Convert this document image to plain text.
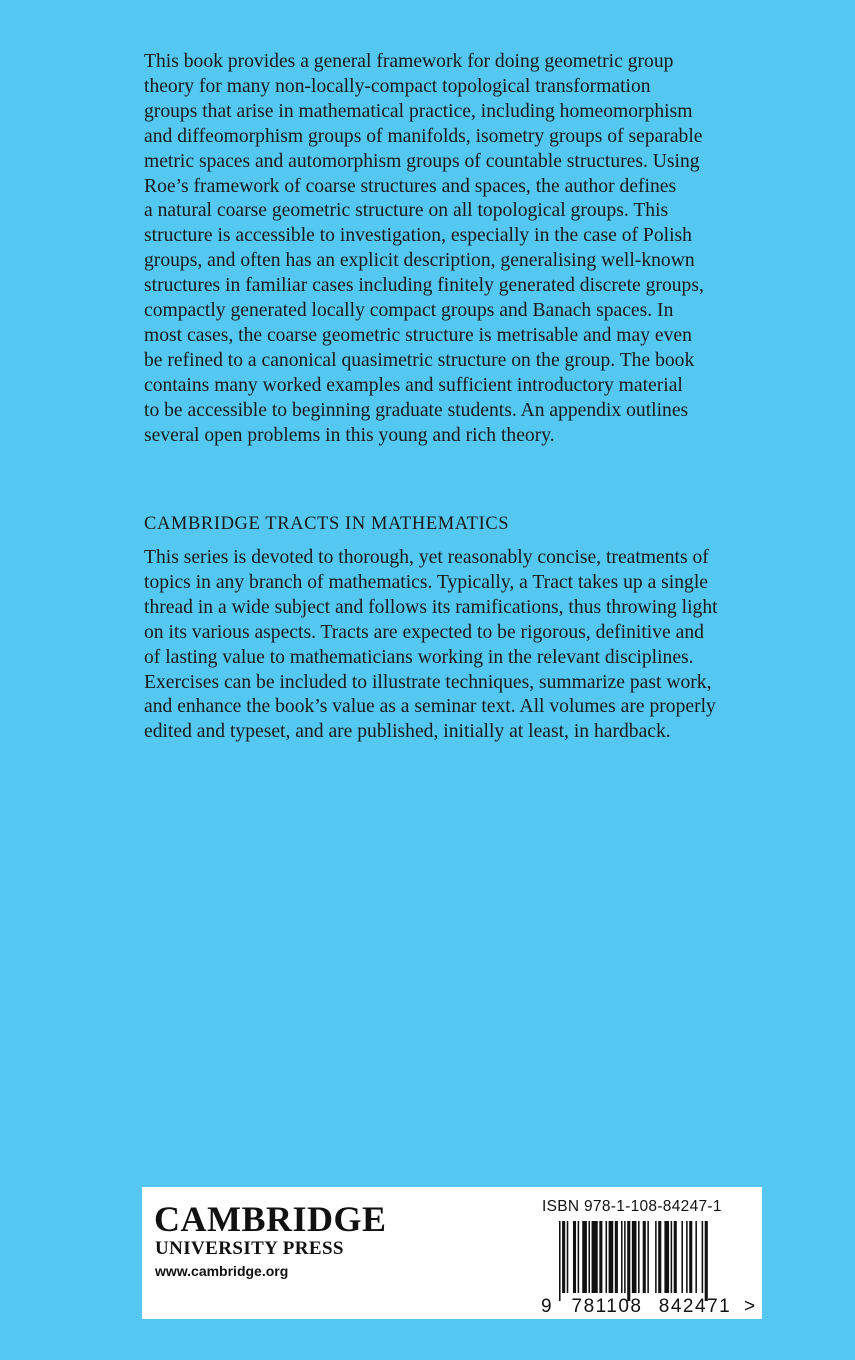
This book provides a general framework for doing geometric group
theory for many non-locally-compact topological transformation
groups that arise in mathematical practice, including homeomorphism
and diffeomorphism groups of manifolds, isometry groups of separable
metric spaces and automorphism groups of countable structures. Using
Roe’s framework of coarse structures and spaces, the author defines
a natural coarse geometric structure on all topological groups. This
structure is accessible to investigation, especially in the case of Polish
groups, and often has an explicit description, generalising well-known
structures in familiar cases including finitely generated discrete groups,
compactly generated locally compact groups and Banach spaces. In
most cases, the coarse geometric structure is metrisable and may even
be refined to a canonical quasimetric structure on the group. The book
contains many worked examples and sufficient introductory material
to be accessible to beginning graduate students. An appendix outlines
several open problems in this young and rich theory.
CAMBRIDGE TRACTS IN MATHEMATICS
This series is devoted to thorough, yet reasonably concise, treatments of
topics in any branch of mathematics. Typically, a Tract takes up a single
thread in a wide subject and follows its ramifications, thus throwing light
on its various aspects. Tracts are expected to be rigorous, definitive and
of lasting value to mathematicians working in the relevant disciplines.
Exercises can be included to illustrate techniques, summarize past work,
and enhance the book’s value as a seminar text. All volumes are properly
edited and typeset, and are published, initially at least, in hardback.
CAMBRIDGE
UNIVERSITY PRESS
www.cambridge.org
ISBN 978-1-108-84247-1
9 781108 842471 >
